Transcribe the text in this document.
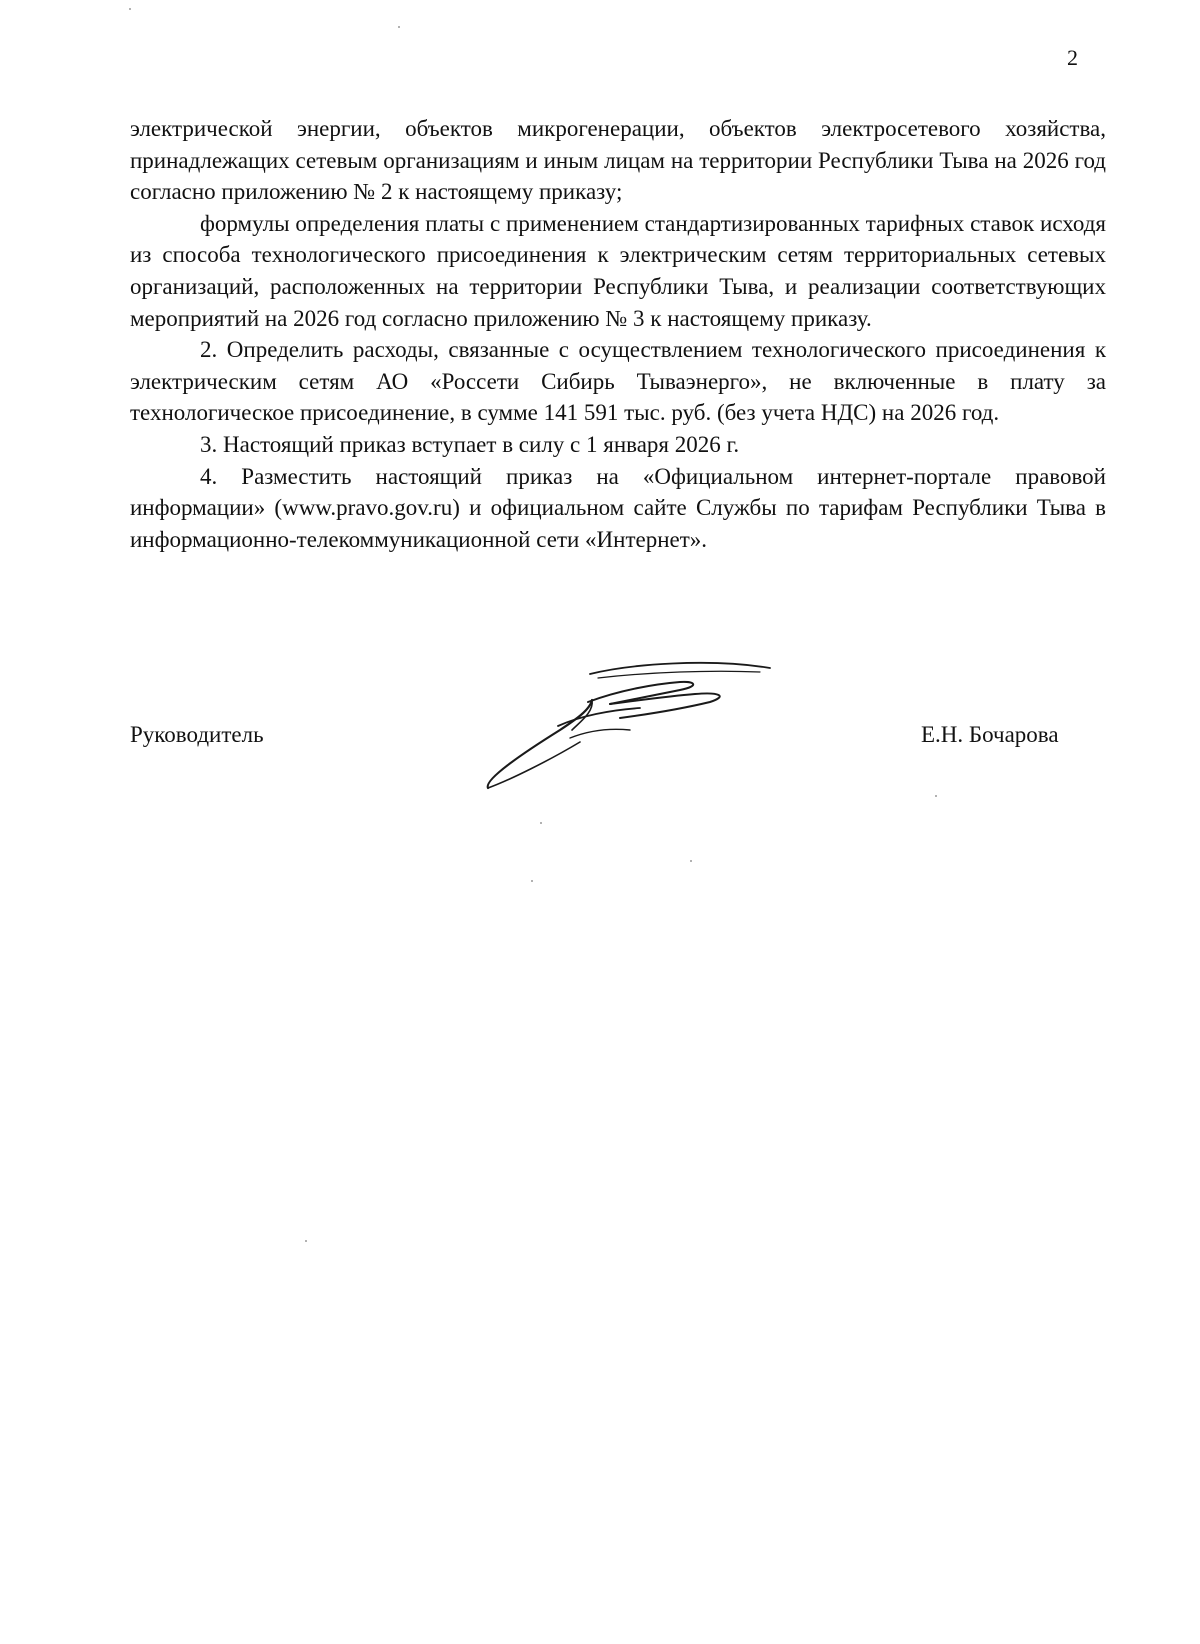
2

электрической энергии, объектов микрогенерации, объектов электросетевого хозяйства, принадлежащих сетевым организациям и иным лицам на территории Республики Тыва на 2026 год согласно приложению № 2 к настоящему приказу;

формулы определения платы с применением стандартизированных тарифных ставок исходя из способа технологического присоединения к электрическим сетям территориальных сетевых организаций, расположенных на территории Республики Тыва, и реализации соответствующих мероприятий на 2026 год согласно приложению № 3 к настоящему приказу.

2. Определить расходы, связанные с осуществлением технологического присоединения к электрическим сетям АО «Россети Сибирь Тываэнерго», не включенные в плату за технологическое присоединение, в сумме 141 591 тыс. руб. (без учета НДС) на 2026 год.

3. Настоящий приказ вступает в силу с 1 января 2026 г.

4. Разместить настоящий приказ на «Официальном интернет-портале правовой информации» (www.pravo.gov.ru) и официальном сайте Службы по тарифам Республики Тыва в информационно-телекоммуникационной сети «Интернет».

Руководитель	Е.Н. Бочарова
